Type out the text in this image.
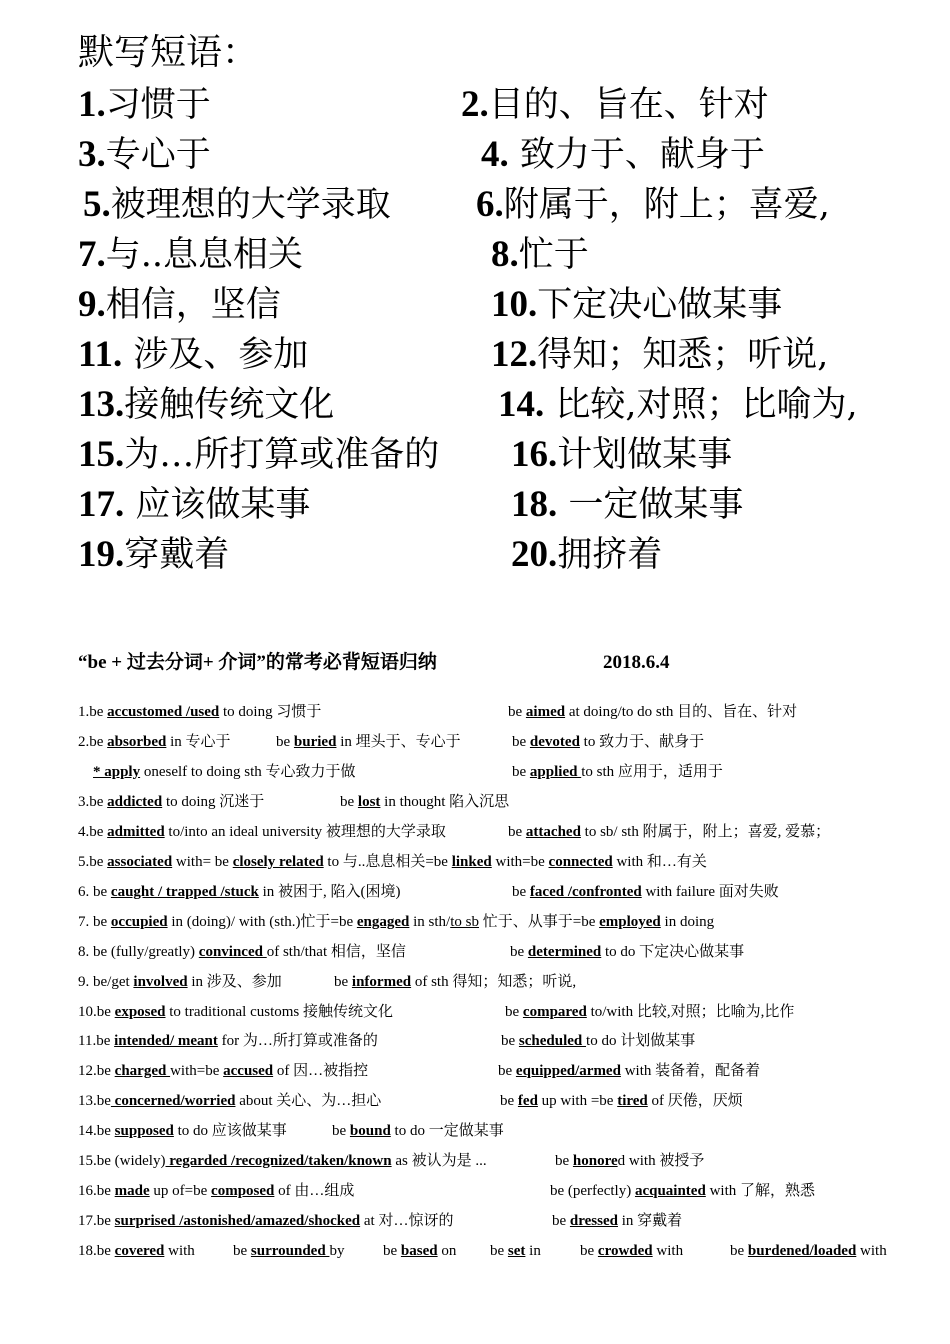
默写短语：
1.习惯于	2.目的、旨在、针对
3.专心于	4. 致力于、献身于
5.被理想的大学录取 6.附属于，附上；喜爱,
7.与..息息相关	8.忙于
9.相信，坚信	10.下定决心做某事
11. 涉及、参加	12.得知；知悉；听说,
13.接触传统文化	14. 比较,对照；比喻为,
15.为…所打算或准备的 16.计划做某事
17. 应该做某事	18. 一定做某事
19.穿戴着	20.拥挤着
“be + 过去分词+ 介词”的常考必背短语归纳	2018.6.4
1.be accustomed /used to doing 习惯于	be aimed at doing/to do sth 目的、旨在、针对
2.be absorbed in 专心于	be buried in 埋头于、专心于	be devoted to 致力于、献身于
* apply oneself to doing sth 专心致力于做	be applied to sth 应用于，适用于
3.be addicted to doing 沉迷于	be lost in thought 陷入沉思
4.be admitted to/into an ideal university 被理想的大学录取	be attached to sb/ sth 附属于，附上；喜爱, 爱慕；
5.be associated with= be closely related to 与..息息相关=be linked with=be connected with 和…有关
6. be caught / trapped /stuck in 被困于, 陷入(困境)	be faced /confronted with failure 面对失败
7. be occupied in (doing)/ with (sth.)忙于=be engaged in sth/to sb 忙于、从事于=be employed in doing
8. be (fully/greatly) convinced of sth/that 相信，坚信	be determined to do 下定决心做某事
9. be/get involved in 涉及、参加	be informed of sth 得知；知悉；听说,
10.be exposed to traditional customs 接触传统文化	be compared to/with 比较,对照；比喻为,比作
11.be intended/ meant for 为…所打算或准备的	be scheduled to do 计划做某事
12.be charged with=be accused of 因…被指控	be equipped/armed with 装备着，配备着
13.be concerned/worried about 关心、为…担心	be fed up with =be tired of 厌倦，厌烦
14.be supposed to do 应该做某事	be bound to do 一定做某事
15.be (widely) regarded /recognized/taken/known as 被认为是 ...	be honored with 被授予
16.be made up of=be composed of 由…组成	be (perfectly) acquainted with 了解，熟悉
17.be surprised /astonished/amazed/shocked at 对…惊讶的	be dressed in 穿戴着
18.be covered with	be surrounded by	be based on be set in	be crowded with	be burdened/loaded with
